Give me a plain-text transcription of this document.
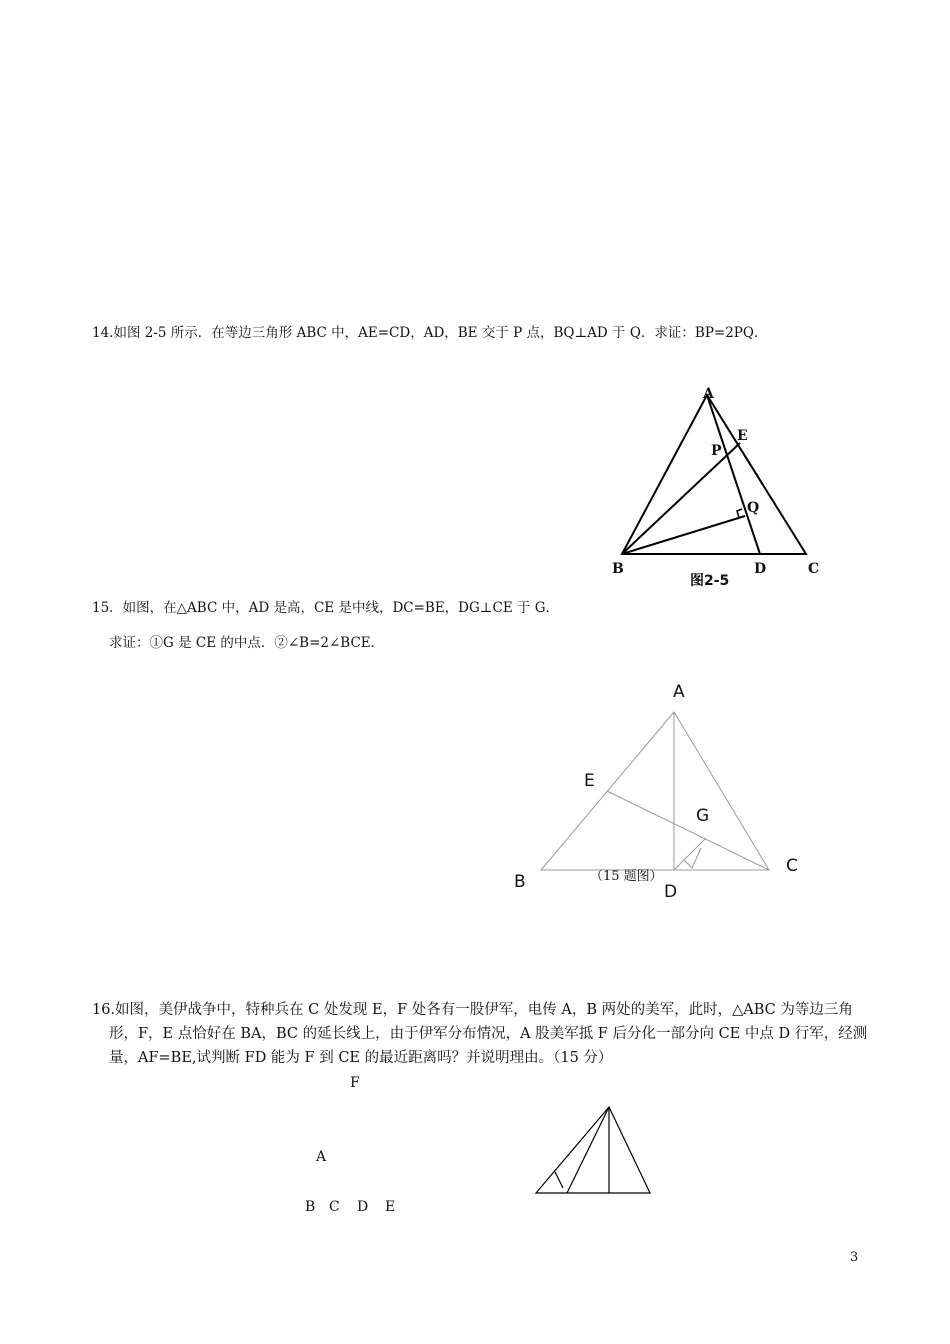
14.如图 2-5 所示．在等边三角形 ABC 中，AE=CD，AD，BE 交于 P 点，BQ⊥AD 于 Q．求证：BP=2PQ．
A
E
P
Q
B	D	C
图2-5
15．如图，在△ABC 中，AD 是高，CE 是中线，DC=BE，DG⊥CE 于 G．
求证：①G 是 CE 的中点．②∠B=2∠BCE．
A
E
G
B
C
D
（15 题图）
16.如图，美伊战争中，特种兵在 C 处发现 E，F 处各有一股伊军，电传 A，B 两处的美军，此时，△ABC 为等边三角形，F，E 点恰好在 BA，BC 的延长线上，由于伊军分布情况，A 股美军抵 F 后分化一部分向 CE 中点 D 行军，经测量，AF=BE,试判断 FD 能为 F 到 CE 的最近距离吗？并说明理由。（15 分）
F
A
B C D E
3
